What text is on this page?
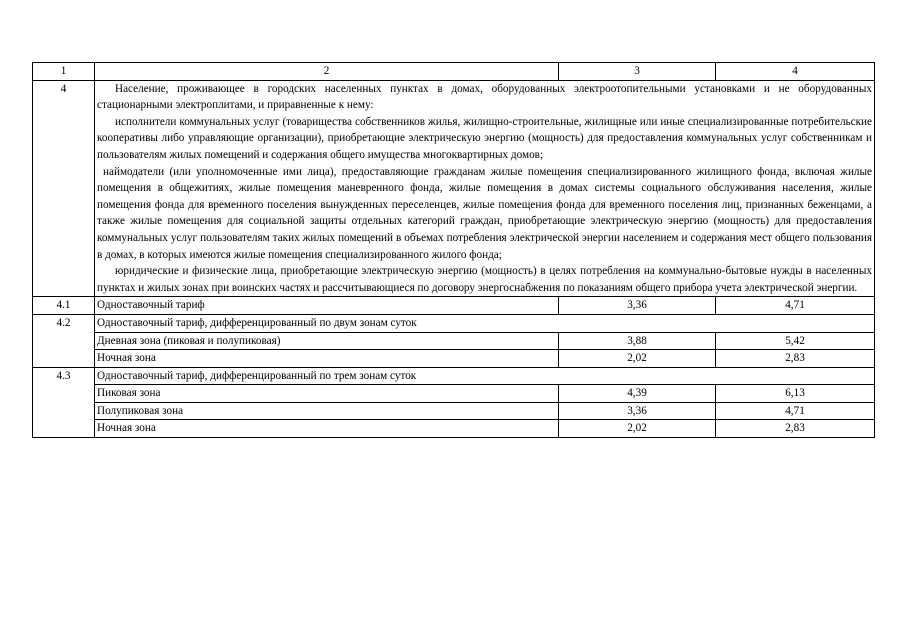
1	2	3	4
4	Население, проживающее в городских населенных пунктах в домах, оборудованных электроотопительными установками и не оборудованных стационарными электроплитами, и приравненные к нему:
исполнители коммунальных услуг (товарищества собственников жилья, жилищно-строительные, жилищные или иные специализированные потребительские кооперативы либо управляющие организации), приобретающие электрическую энергию (мощность) для предоставления коммунальных услуг собственникам и пользователям жилых помещений и содержания общего имущества многоквартирных домов;
наймодатели (или уполномоченные ими лица), предоставляющие гражданам жилые помещения специализированного жилищного фонда, включая жилые помещения в общежитиях, жилые помещения маневренного фонда, жилые помещения в домах системы социального обслуживания населения, жилые помещения фонда для временного поселения вынужденных переселенцев, жилые помещения фонда для временного поселения лиц, признанных беженцами, а также жилые помещения для социальной защиты отдельных категорий граждан, приобретающие электрическую энергию (мощность) для предоставления коммунальных услуг пользователям таких жилых помещений в объемах потребления электрической энергии населением и содержания мест общего пользования в домах, в которых имеются жилые помещения специализированного жилого фонда;
юридические и физические лица, приобретающие электрическую энергию (мощность) в целях потребления на коммунально-бытовые нужды в населенных пунктах и жилых зонах при воинских частях и рассчитывающиеся по договору энергоснабжения по показаниям общего прибора учета электрической энергии.		

4.1	Одноставочный тариф	3,36	4,71
4.2	Одноставочный тариф, дифференцированный по двум зонам суток		
	Дневная зона (пиковая и полупиковая)	3,88	5,42
	Ночная зона	2,02	2,83
4.3	Одноставочный тариф, дифференцированный по трем зонам суток		
	Пиковая зона	4,39	6,13
	Полупиковая зона	3,36	4,71
	Ночная зона	2,02	2,83
